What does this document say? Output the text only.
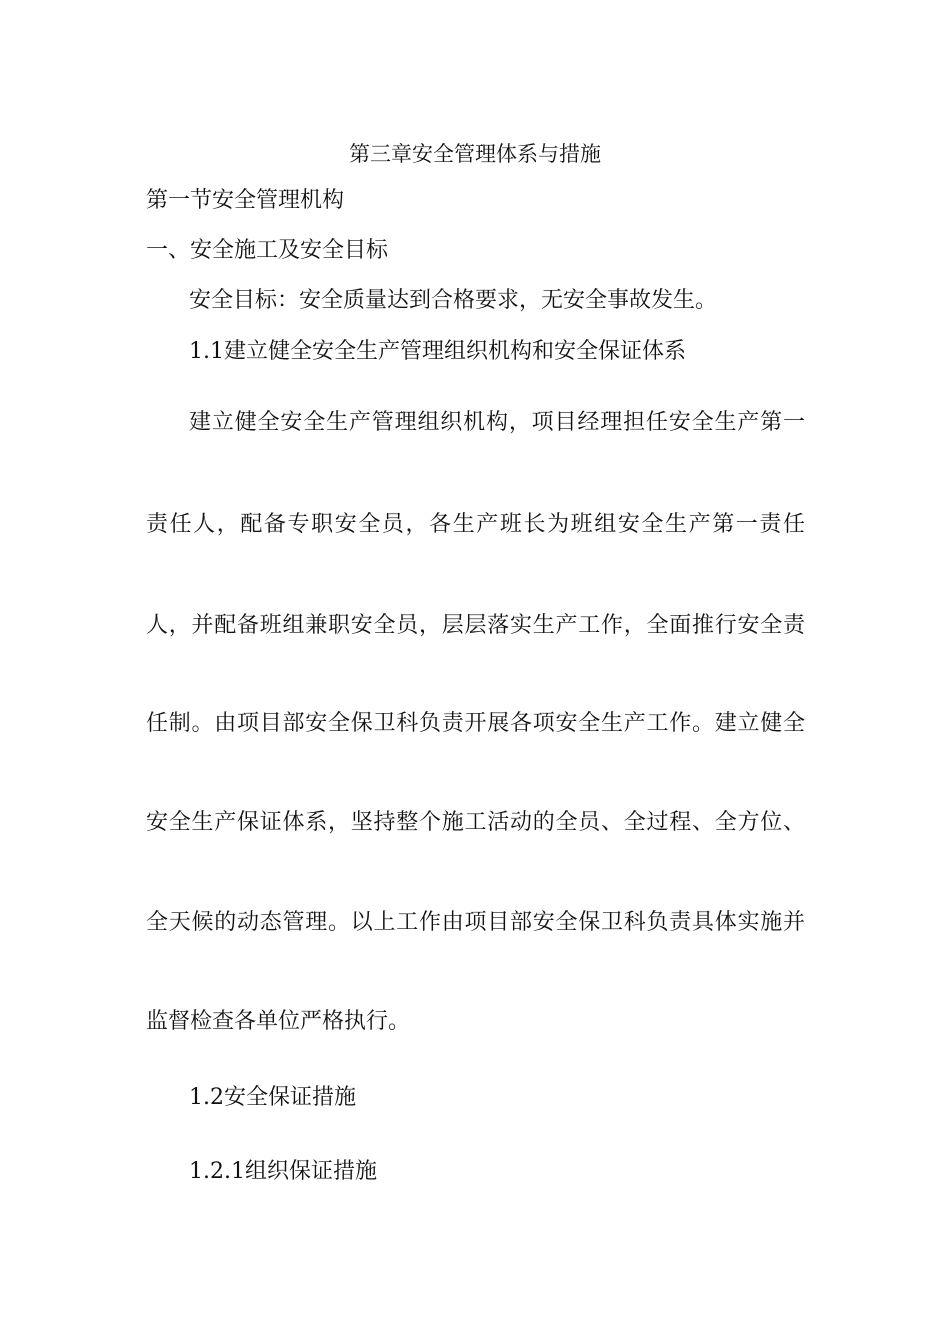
第三章安全管理体系与措施

第一节安全管理机构

一、安全施工及安全目标

安全目标：安全质量达到合格要求，无安全事故发生。

1.1建立健全安全生产管理组织机构和安全保证体系

建立健全安全生产管理组织机构，项目经理担任安全生产第一

责任人，配备专职安全员，各生产班长为班组安全生产第一责任

人，并配备班组兼职安全员，层层落实生产工作，全面推行安全责

任制。由项目部安全保卫科负责开展各项安全生产工作。建立健全

安全生产保证体系，坚持整个施工活动的全员、全过程、全方位、

全天候的动态管理。以上工作由项目部安全保卫科负责具体实施并

监督检查各单位严格执行。

1.2安全保证措施

1.2.1组织保证措施
